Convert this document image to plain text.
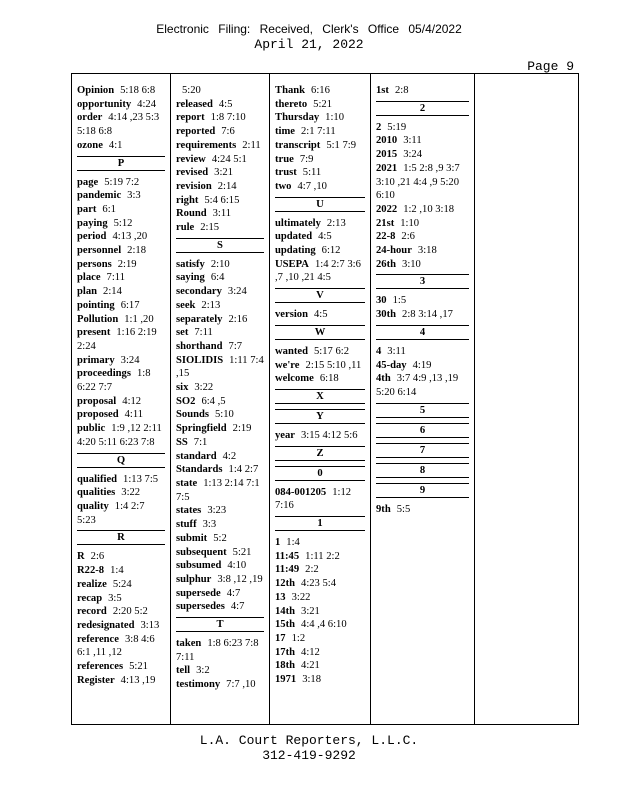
Electronic Filing: Received, Clerk's Office 05/4/2022
April 21, 2022
Page 9
Opinion 5:18 6:8
opportunity 4:24
order 4:14 ,23 5:3 5:18 6:8
ozone 4:1
P
page 5:19 7:2
pandemic 3:3
part 6:1
paying 5:12
period 4:13 ,20
personnel 2:18
persons 2:19
place 7:11
plan 2:14
pointing 6:17
Pollution 1:1 ,20
present 1:16 2:19 2:24
primary 3:24
proceedings 1:8 6:22 7:7
proposal 4:12
proposed 4:11
public 1:9 ,12 2:11 4:20 5:11 6:23 7:8
Q
qualified 1:13 7:5
qualities 3:22
quality 1:4 2:7 5:23
R
R 2:6
R22-8 1:4
realize 5:24
recap 3:5
record 2:20 5:2
redesignated 3:13
reference 3:8 4:6 6:1 ,11 ,12
references 5:21
Register 4:13 ,19
5:20
released 4:5
report 1:8 7:10
reported 7:6
requirements 2:11
review 4:24 5:1
revised 3:21
revision 2:14
right 5:4 6:15
Round 3:11
rule 2:15
S
satisfy 2:10
saying 6:4
secondary 3:24
seek 2:13
separately 2:16
set 7:11
shorthand 7:7
SIOLIDIS 1:11 7:4 ,15
six 3:22
SO2 6:4 ,5
Sounds 5:10
Springfield 2:19
SS 7:1
standard 4:2
Standards 1:4 2:7
state 1:13 2:14 7:1 7:5
states 3:23
stuff 3:3
submit 5:2
subsequent 5:21
subsumed 4:10
sulphur 3:8 ,12 ,19
supersede 4:7
supersedes 4:7
T
taken 1:8 6:23 7:8 7:11
tell 3:2
testimony 7:7 ,10
Thank 6:16
thereto 5:21
Thursday 1:10
time 2:1 7:11
transcript 5:1 7:9
true 7:9
trust 5:11
two 4:7 ,10
U
ultimately 2:13
updated 4:5
updating 6:12
USEPA 1:4 2:7 3:6 ,7 ,10 ,21 4:5
V
version 4:5
W
wanted 5:17 6:2
we're 2:15 5:10 ,11
welcome 6:18
X
Y
year 3:15 4:12 5:6
Z
0
084-001205 1:12 7:16
1
1 1:4
11:45 1:11 2:2
11:49 2:2
12th 4:23 5:4
13 3:22
14th 3:21
15th 4:4 ,4 6:10
17 1:2
17th 4:12
18th 4:21
1971 3:18
1st 2:8
2
2 5:19
2010 3:11
2015 3:24
2021 1:5 2:8 ,9 3:7 3:10 ,21 4:4 ,9 5:20 6:10
2022 1:2 ,10 3:18
21st 1:10
22-8 2:6
24-hour 3:18
26th 3:10
3
30 1:5
30th 2:8 3:14 ,17
4
4 3:11
45-day 4:19
4th 3:7 4:9 ,13 ,19 5:20 6:14
5
6
7
8
9
9th 5:5
L.A. Court Reporters, L.L.C.
312-419-9292
